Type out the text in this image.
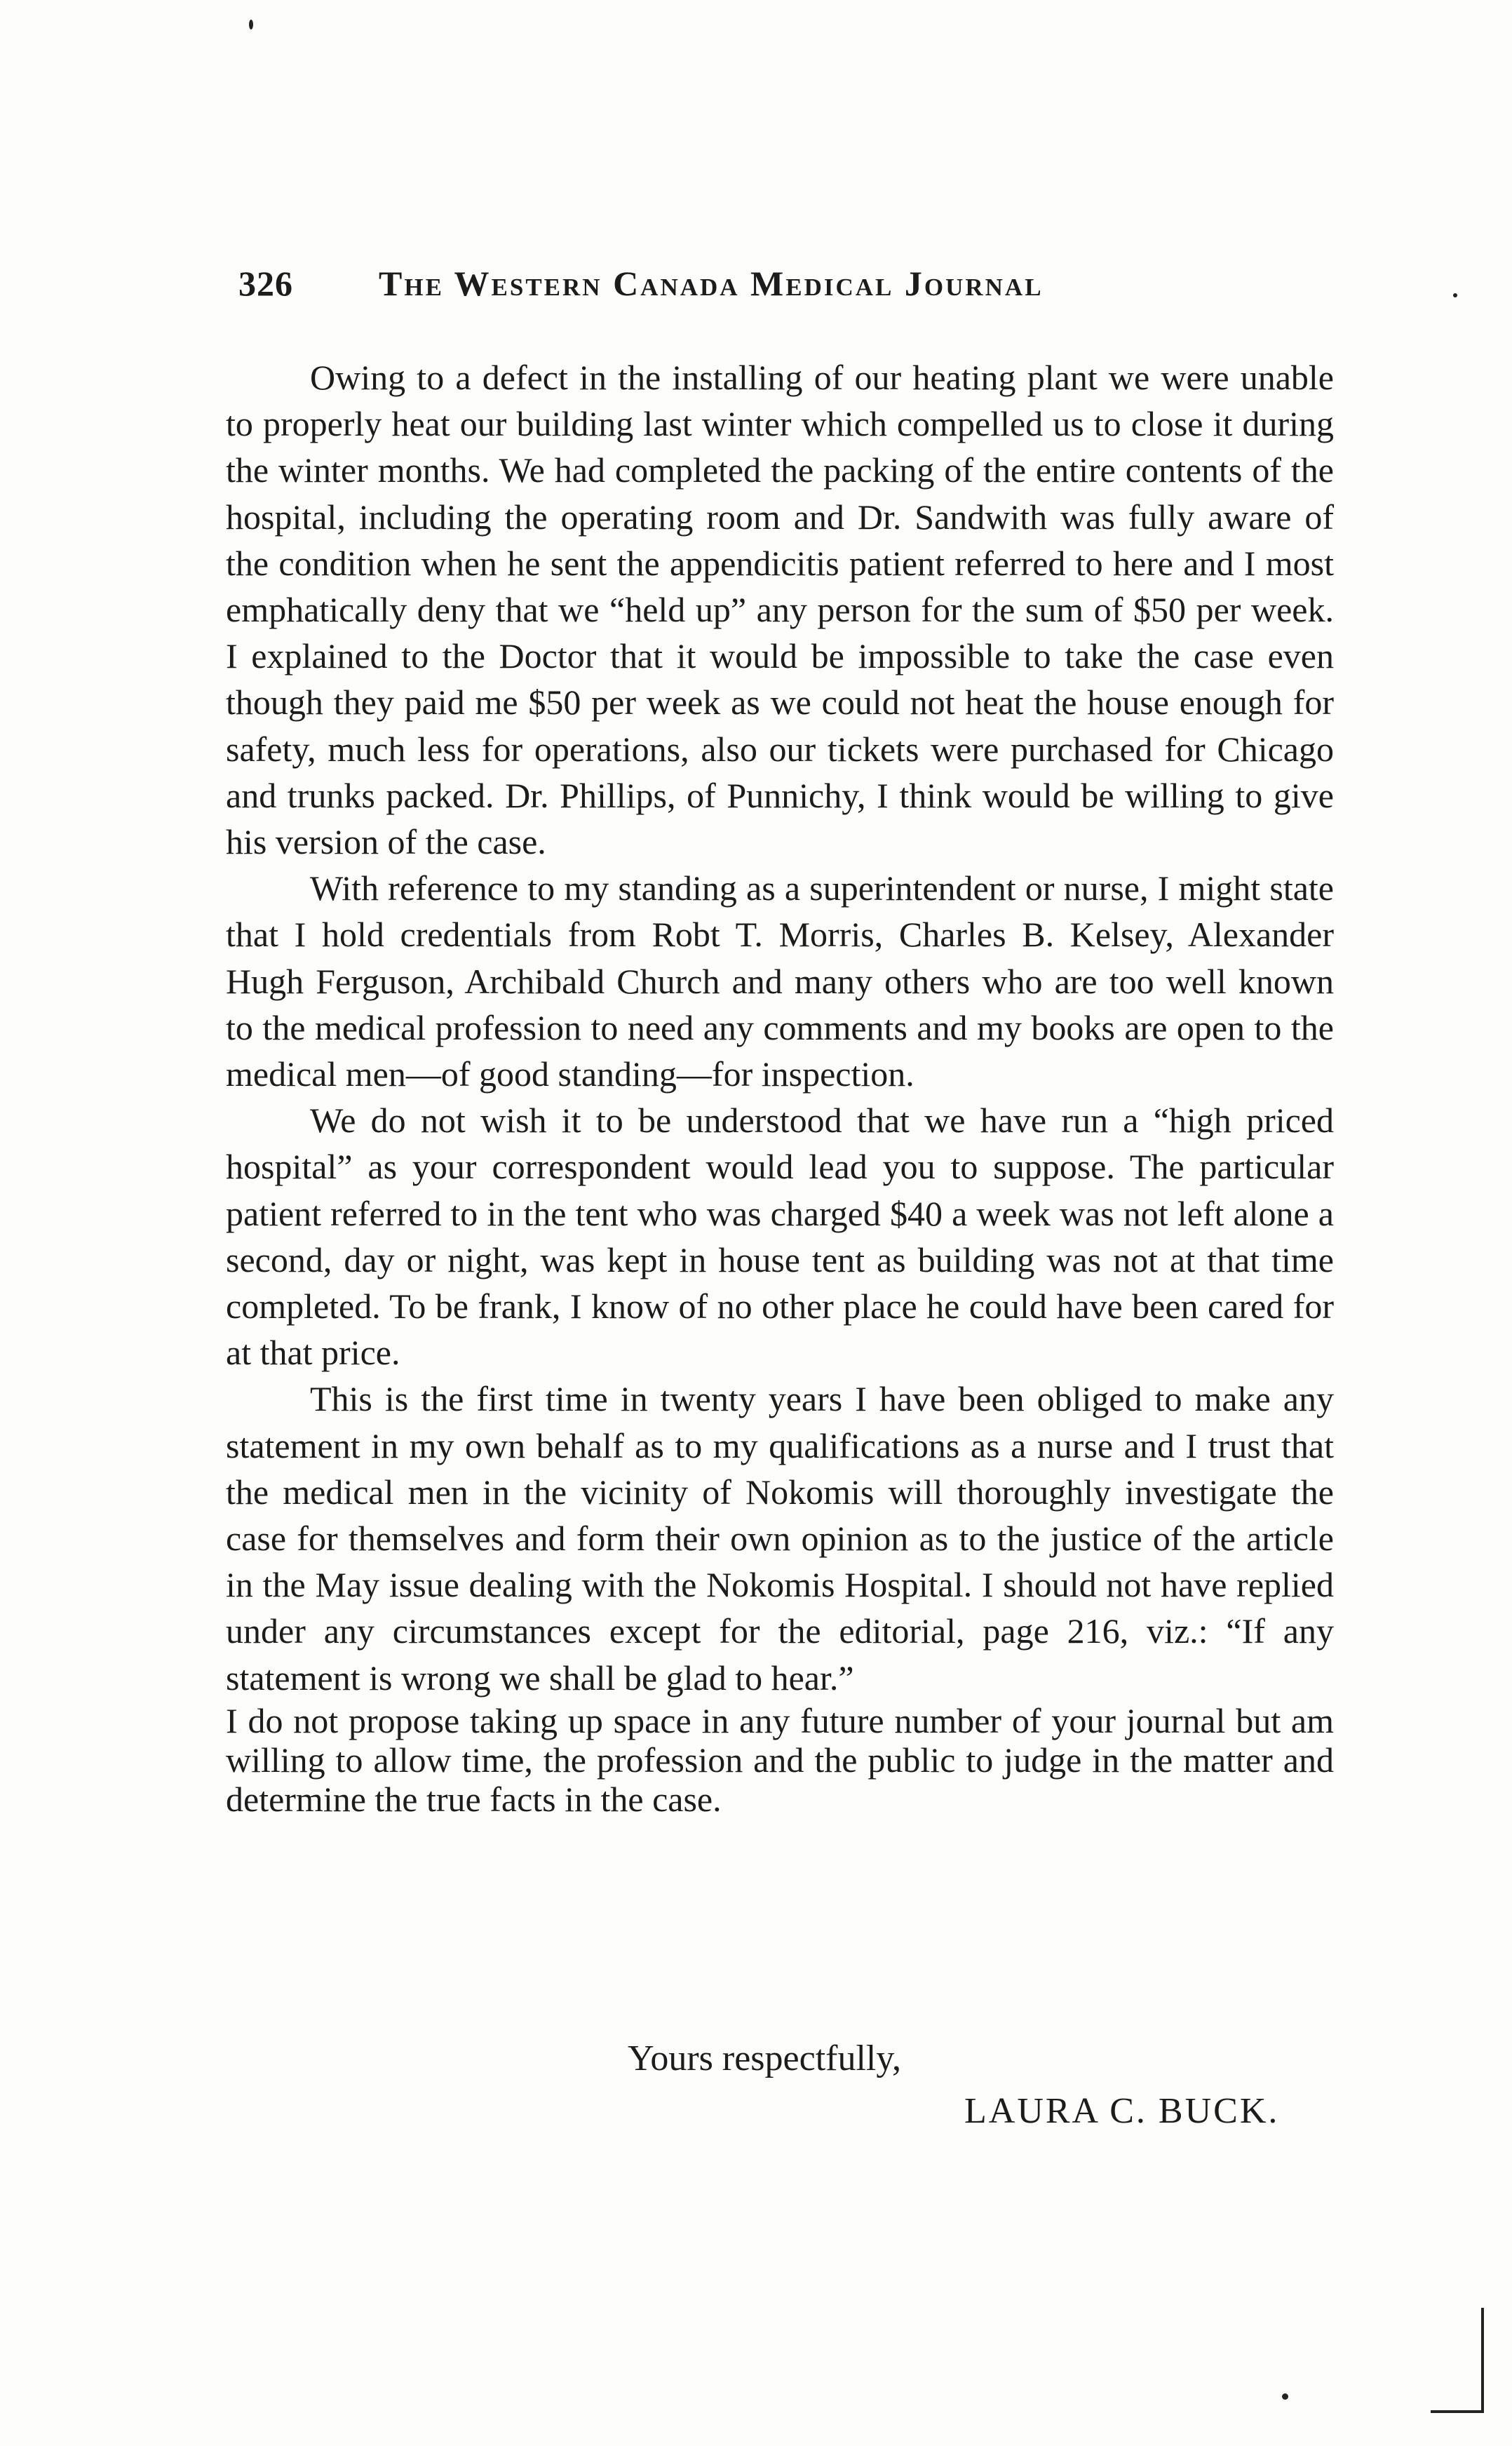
326 The Western Canada Medical Journal

Owing to a defect in the installing of our heating plant we were unable to properly heat our building last winter which compelled us to close it during the winter months. We had completed the packing of the entire contents of the hospital, including the operating room and Dr. Sandwith was fully aware of the condition when he sent the appendicitis patient referred to here and I most emphatically deny that we “held up” any person for the sum of $50 per week. I explained to the Doctor that it would be impossible to take the case even though they paid me $50 per week as we could not heat the house enough for safety, much less for operations, also our tickets were purchased for Chicago and trunks packed. Dr. Phillips, of Punnichy, I think would be willing to give his version of the case.

With reference to my standing as a superintendent or nurse, I might state that I hold credentials from Robt T. Morris, Charles B. Kelsey, Alexander Hugh Ferguson, Archibald Church and many others who are too well known to the medical profession to need any comments and my books are open to the medical men—of good standing—for inspection.

We do not wish it to be understood that we have run a “high priced hospital” as your correspondent would lead you to suppose. The particular patient referred to in the tent who was charged $40 a week was not left alone a second, day or night, was kept in house tent as building was not at that time completed. To be frank, I know of no other place he could have been cared for at that price.

This is the first time in twenty years I have been obliged to make any statement in my own behalf as to my qualifications as a nurse and I trust that the medical men in the vicinity of Nokomis will thoroughly investigate the case for themselves and form their own opinion as to the justice of the article in the May issue dealing with the Nokomis Hospital. I should not have replied under any circumstances except for the editorial, page 216, viz.: “If any statement is wrong we shall be glad to hear.”

I do not propose taking up space in any future number of your journal but am willing to allow time, the profession and the public to judge in the matter and determine the true facts in the case.

Yours respectfully,
LAURA C. BUCK.
